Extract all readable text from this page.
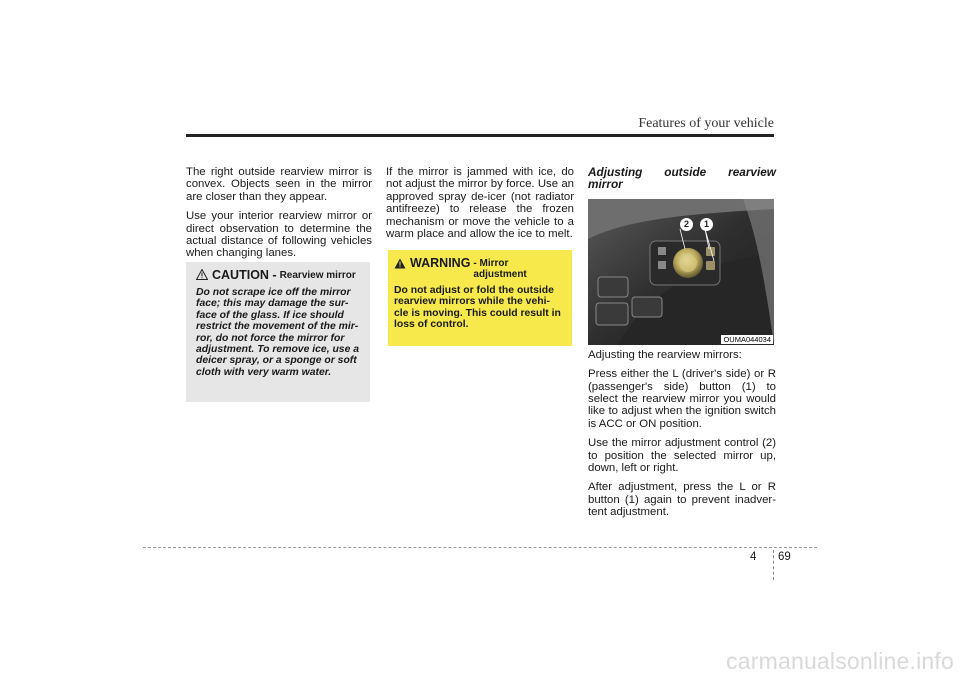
Features of your vehicle

The right outside rearview mirror is convex. Objects seen in the mirror are closer than they appear.

Use your interior rearview mirror or direct observation to determine the actual distance of following vehicles when changing lanes.

CAUTION - Rearview mirror
Do not scrape ice off the mirror face; this may damage the sur-face of the glass. If ice should restrict the movement of the mir-ror, do not force the mirror for adjustment. To remove ice, use a deicer spray, or a sponge or soft cloth with very warm water.

If the mirror is jammed with ice, do not adjust the mirror by force. Use an approved spray de-icer (not radiator antifreeze) to release the frozen mechanism or move the vehicle to a warm place and allow the ice to melt.

WARNING - Mirror adjustment
Do not adjust or fold the outside rearview mirrors while the vehi-cle is moving. This could result in loss of control.

Adjusting outside rearview mirror

2	1
OUMA044034

Adjusting the rearview mirrors:

Press either the L (driver's side) or R (passenger's side) button (1) to select the rearview mirror you would like to adjust when the ignition switch is ACC or ON position.

Use the mirror adjustment control (2) to position the selected mirror up, down, left or right.

After adjustment, press the L or R button (1) again to prevent inadver-tent adjustment.

4 69
carmanualsonline.info
